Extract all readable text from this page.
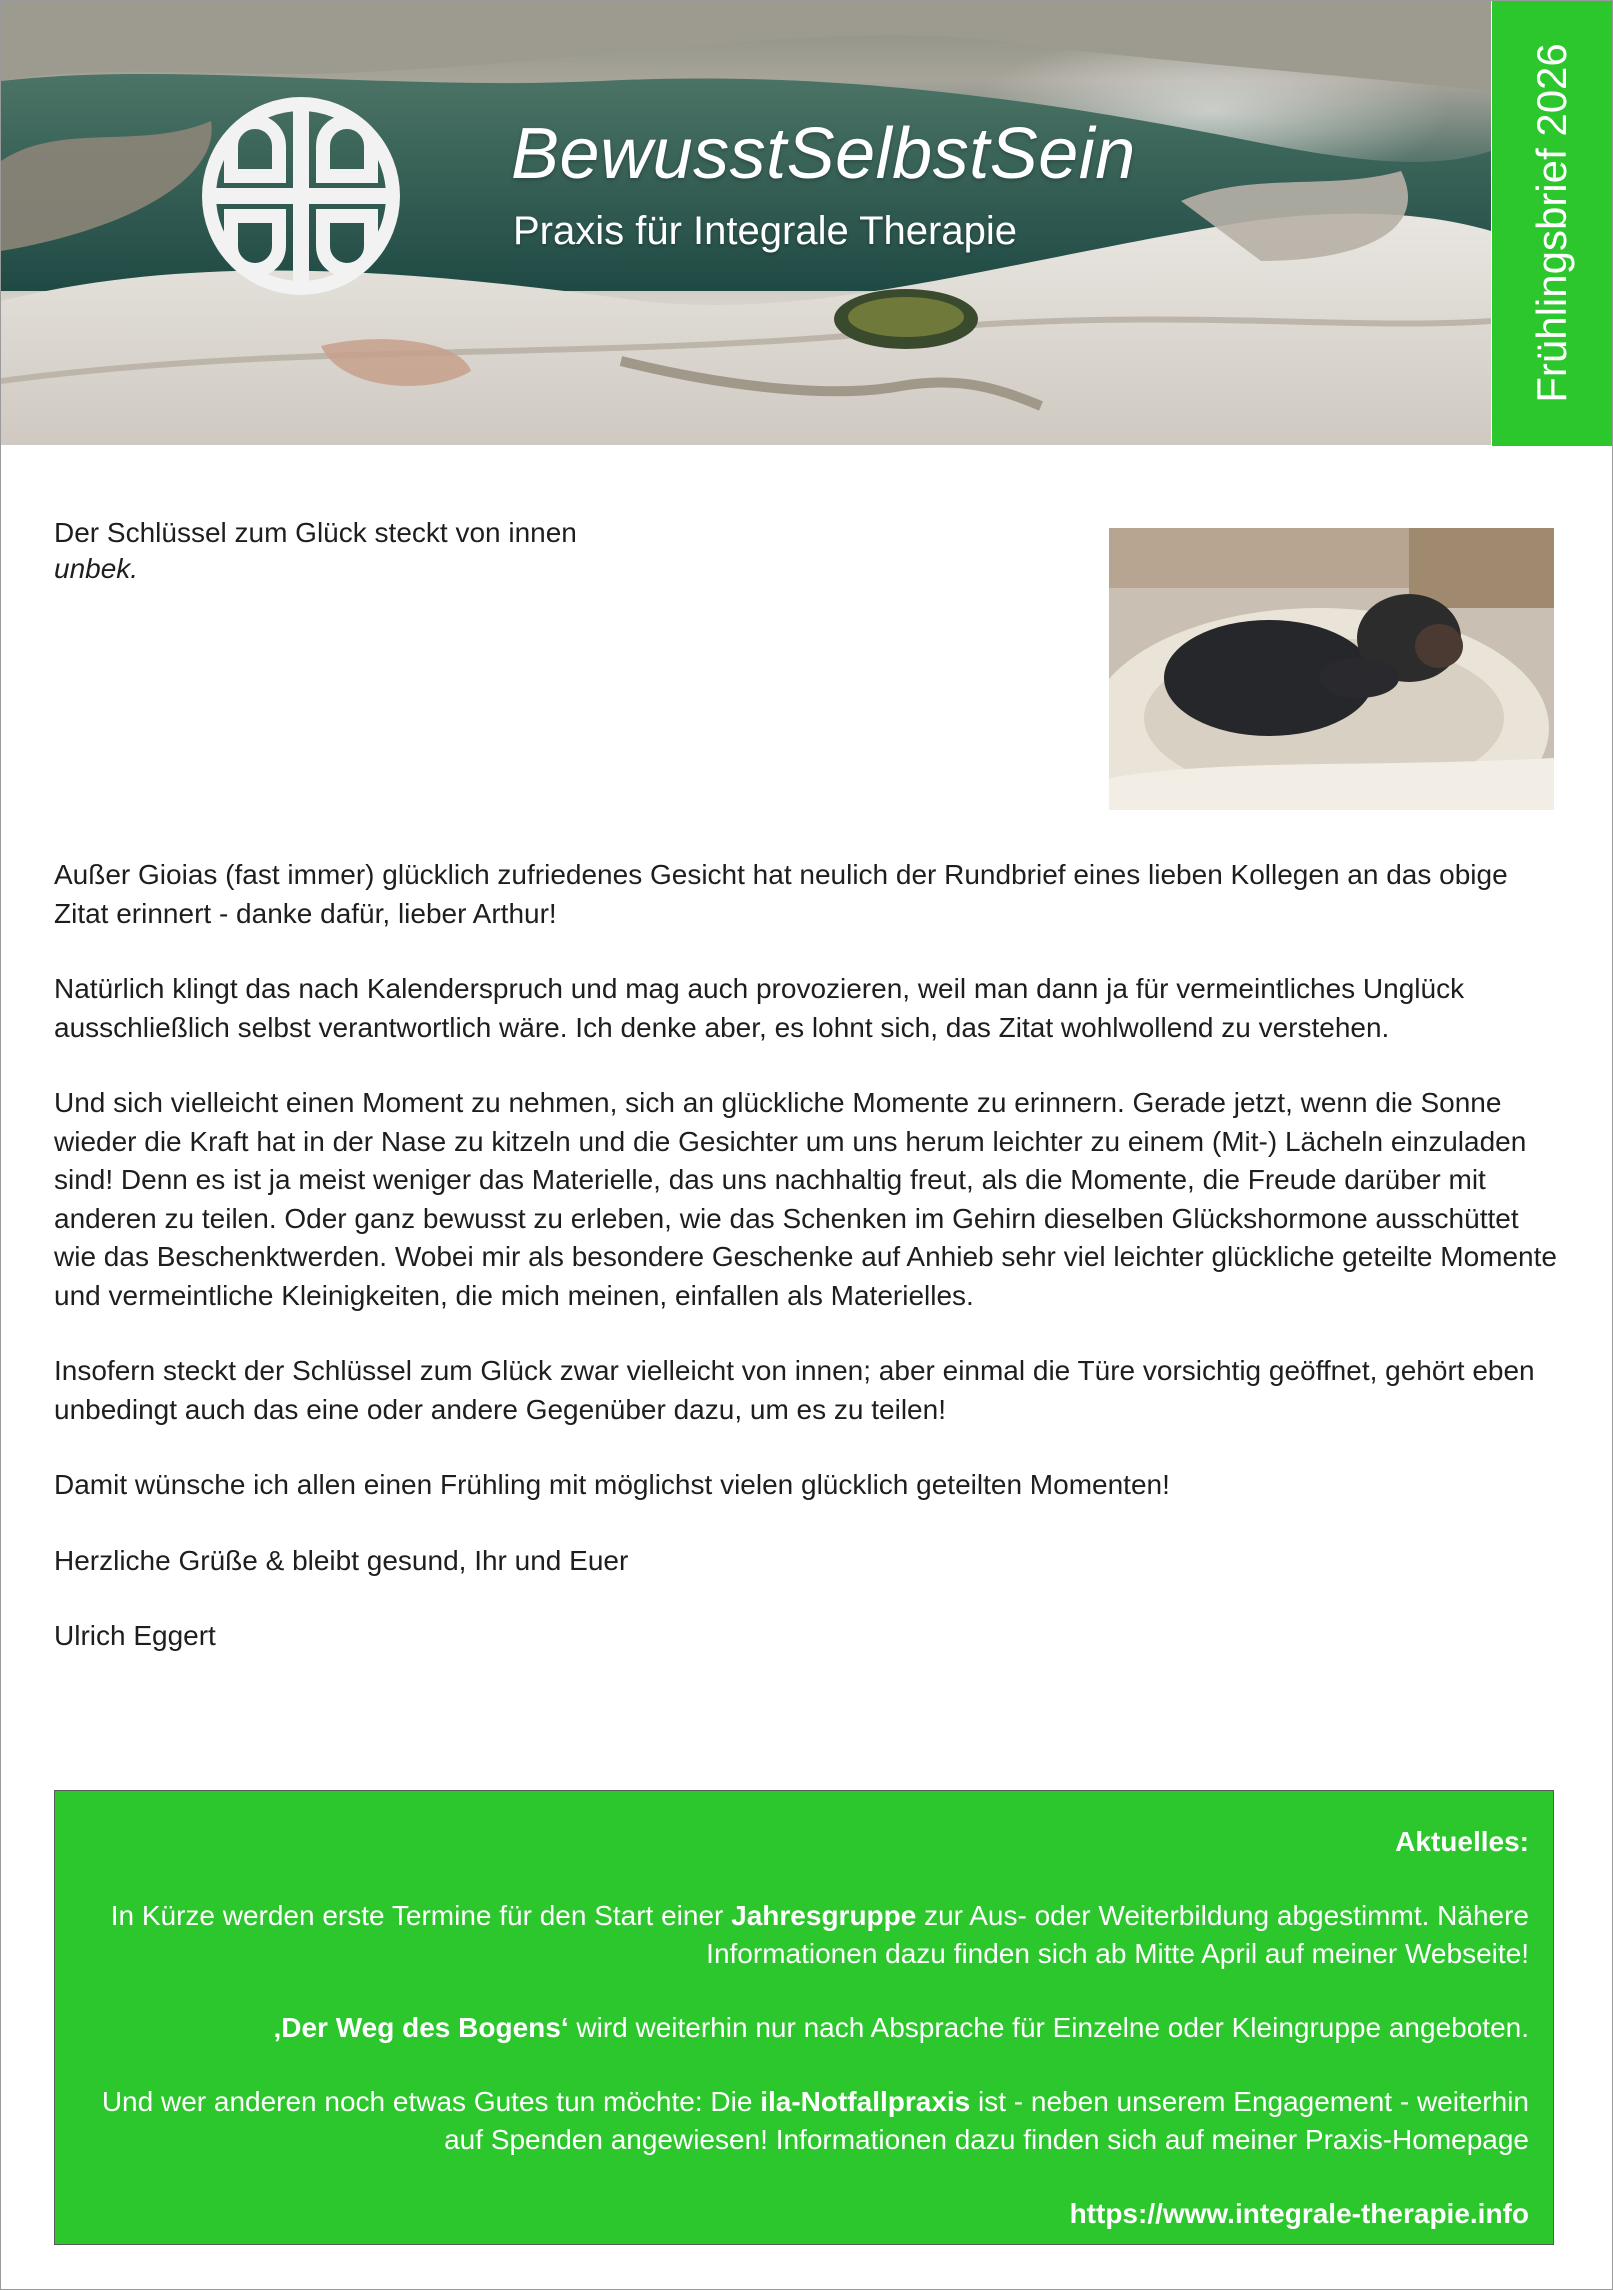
BewusstSelbstSein
Praxis für Integrale Therapie	Frühlingsbrief 2026
Der Schlüssel zum Glück steckt von innen
unbek.

Außer Gioias (fast immer) glücklich zufriedenes Gesicht hat neulich der Rundbrief eines lieben Kollegen an das obige Zitat erinnert - danke dafür, lieber Arthur!

Natürlich klingt das nach Kalenderspruch und mag auch provozieren, weil man dann ja für vermeintliches Unglück ausschließlich selbst verantwortlich wäre. Ich denke aber, es lohnt sich, das Zitat wohlwollend zu verstehen.

Und sich vielleicht einen Moment zu nehmen, sich an glückliche Momente zu erinnern. Gerade jetzt, wenn die Sonne wieder die Kraft hat in der Nase zu kitzeln und die Gesichter um uns herum leichter zu einem (Mit-) Lächeln einzuladen sind! Denn es ist ja meist weniger das Materielle, das uns nachhaltig freut, als die Momente, die Freude darüber mit anderen zu teilen. Oder ganz bewusst zu erleben, wie das Schenken im Gehirn dieselben Glückshormone ausschüttet wie das Beschenktwerden. Wobei mir als besondere Geschenke auf Anhieb sehr viel leichter glückliche geteilte Momente und vermeintliche Kleinigkeiten, die mich meinen, einfallen als Materielles.

Insofern steckt der Schlüssel zum Glück zwar vielleicht von innen; aber einmal die Türe vorsichtig geöffnet, gehört eben unbedingt auch das eine oder andere Gegenüber dazu, um es zu teilen!

Damit wünsche ich allen einen Frühling mit möglichst vielen glücklich geteilten Momenten!

Herzliche Grüße & bleibt gesund, Ihr und Euer

Ulrich Eggert

Aktuelles:

In Kürze werden erste Termine für den Start einer Jahresgruppe zur Aus- oder Weiterbildung abgestimmt. Nähere Informationen dazu finden sich ab Mitte April auf meiner Webseite!

‚Der Weg des Bogens‘ wird weiterhin nur nach Absprache für Einzelne oder Kleingruppe angeboten.

Und wer anderen noch etwas Gutes tun möchte: Die ila-Notfallpraxis ist - neben unserem Engagement - weiterhin auf Spenden angewiesen! Informationen dazu finden sich auf meiner Praxis-Homepage

https://www.integrale-therapie.info
